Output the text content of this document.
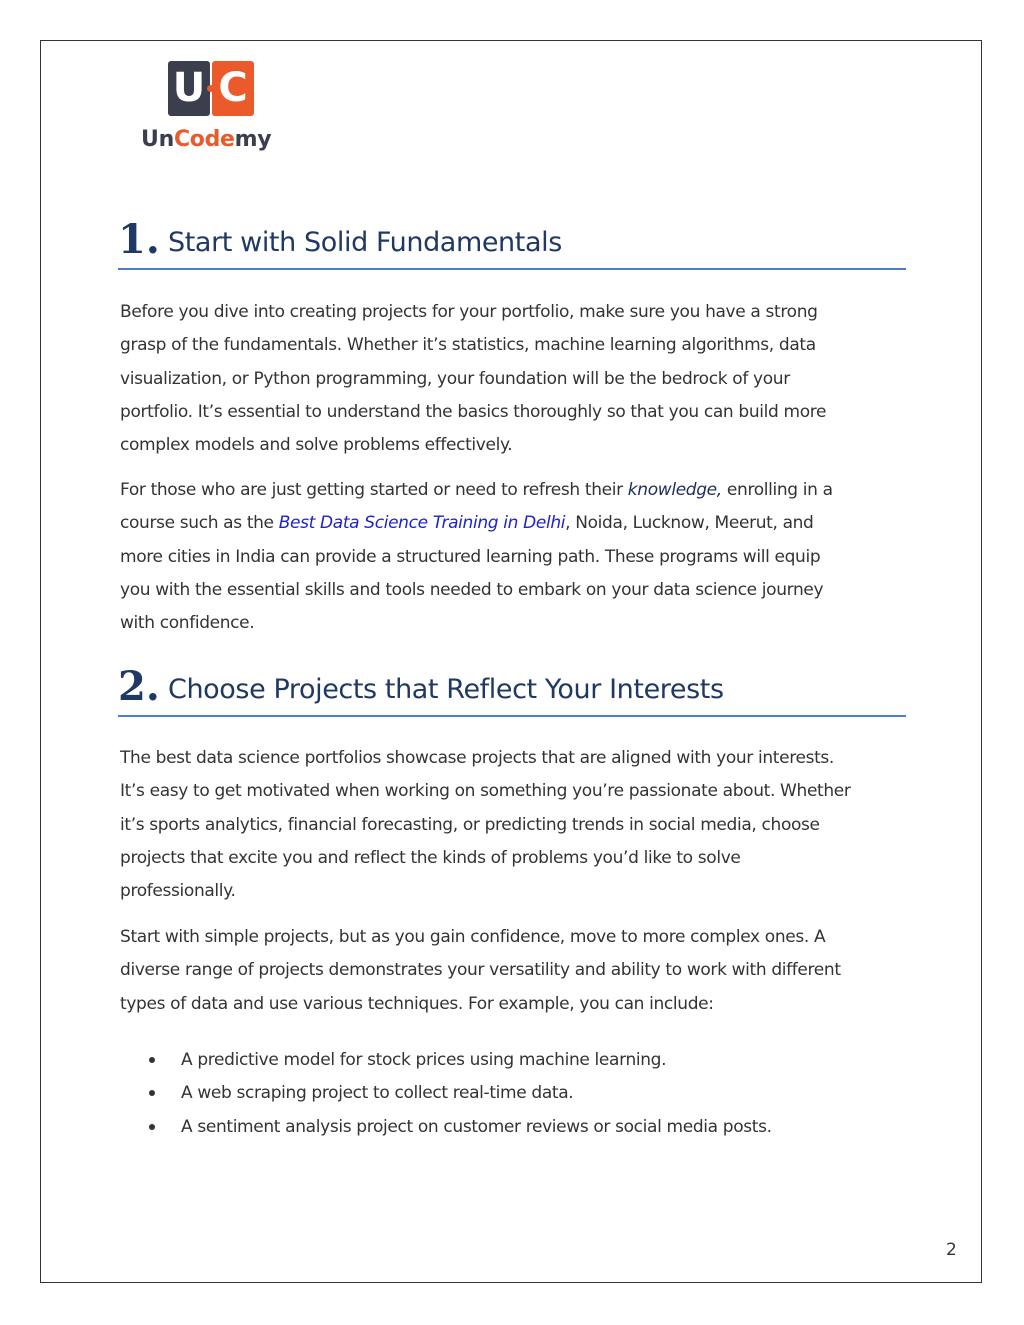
U C
UnCodemy
1. Start with Solid Fundamentals
Before you dive into creating projects for your portfolio, make sure you have a strong
grasp of the fundamentals. Whether it’s statistics, machine learning algorithms, data
visualization, or Python programming, your foundation will be the bedrock of your
portfolio. It’s essential to understand the basics thoroughly so that you can build more
complex models and solve problems effectively.
For those who are just getting started or need to refresh their knowledge, enrolling in a
course such as the Best Data Science Training in Delhi, Noida, Lucknow, Meerut, and
more cities in India can provide a structured learning path. These programs will equip
you with the essential skills and tools needed to embark on your data science journey
with confidence.
2. Choose Projects that Reflect Your Interests
The best data science portfolios showcase projects that are aligned with your interests.
It’s easy to get motivated when working on something you’re passionate about. Whether
it’s sports analytics, financial forecasting, or predicting trends in social media, choose
projects that excite you and reflect the kinds of problems you’d like to solve
professionally.
Start with simple projects, but as you gain confidence, move to more complex ones. A
diverse range of projects demonstrates your versatility and ability to work with different
types of data and use various techniques. For example, you can include:
A predictive model for stock prices using machine learning.
A web scraping project to collect real-time data.
A sentiment analysis project on customer reviews or social media posts.
2
